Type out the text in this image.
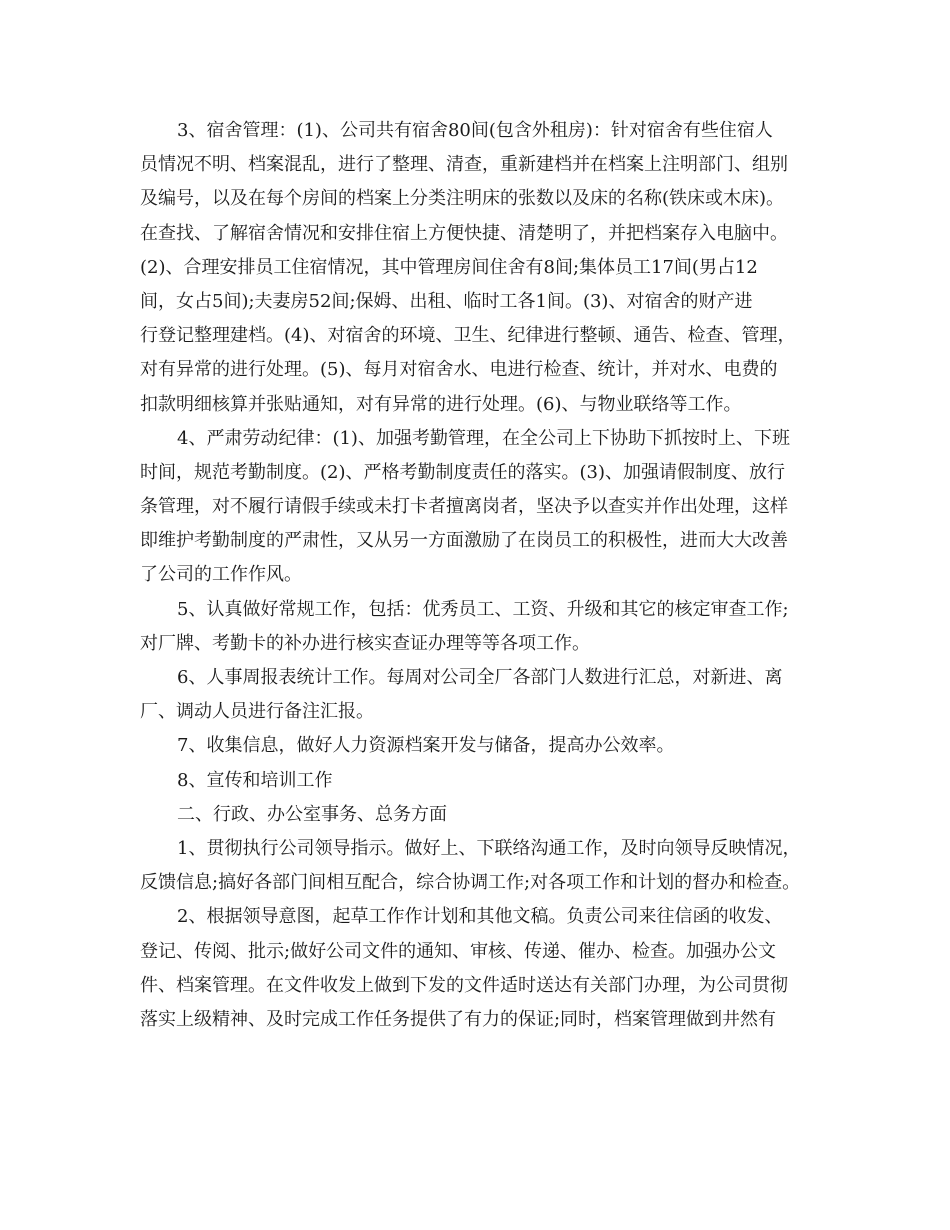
3、宿舍管理：(1)、公司共有宿舍80间(包含外租房)：针对宿舍有些住宿人
员情况不明、档案混乱，进行了整理、清查，重新建档并在档案上注明部门、组别
及编号，以及在每个房间的档案上分类注明床的张数以及床的名称(铁床或木床)。
在查找、了解宿舍情况和安排住宿上方便快捷、清楚明了，并把档案存入电脑中。
(2)、合理安排员工住宿情况，其中管理房间住舍有8间;集体员工17间(男占12
间，女占5间);夫妻房52间;保姆、出租、临时工各1间。(3)、对宿舍的财产进
行登记整理建档。(4)、对宿舍的环境、卫生、纪律进行整顿、通告、检查、管理，
对有异常的进行处理。(5)、每月对宿舍水、电进行检查、统计，并对水、电费的
扣款明细核算并张贴通知，对有异常的进行处理。(6)、与物业联络等工作。
4、严肃劳动纪律：(1)、加强考勤管理，在全公司上下协助下抓按时上、下班
时间，规范考勤制度。(2)、严格考勤制度责任的落实。(3)、加强请假制度、放行
条管理，对不履行请假手续或未打卡者擅离岗者，坚决予以查实并作出处理，这样
即维护考勤制度的严肃性，又从另一方面激励了在岗员工的积极性，进而大大改善
了公司的工作作风。
5、认真做好常规工作，包括：优秀员工、工资、升级和其它的核定审查工作;
对厂牌、考勤卡的补办进行核实查证办理等等各项工作。
6、人事周报表统计工作。每周对公司全厂各部门人数进行汇总，对新进、离
厂、调动人员进行备注汇报。
7、收集信息，做好人力资源档案开发与储备，提高办公效率。
8、宣传和培训工作
二、行政、办公室事务、总务方面
1、贯彻执行公司领导指示。做好上、下联络沟通工作，及时向领导反映情况，
反馈信息;搞好各部门间相互配合，综合协调工作;对各项工作和计划的督办和检查。
2、根据领导意图，起草工作作计划和其他文稿。负责公司来往信函的收发、
登记、传阅、批示;做好公司文件的通知、审核、传递、催办、检查。加强办公文
件、档案管理。在文件收发上做到下发的文件适时送达有关部门办理，为公司贯彻
落实上级精神、及时完成工作任务提供了有力的保证;同时，档案管理做到井然有
